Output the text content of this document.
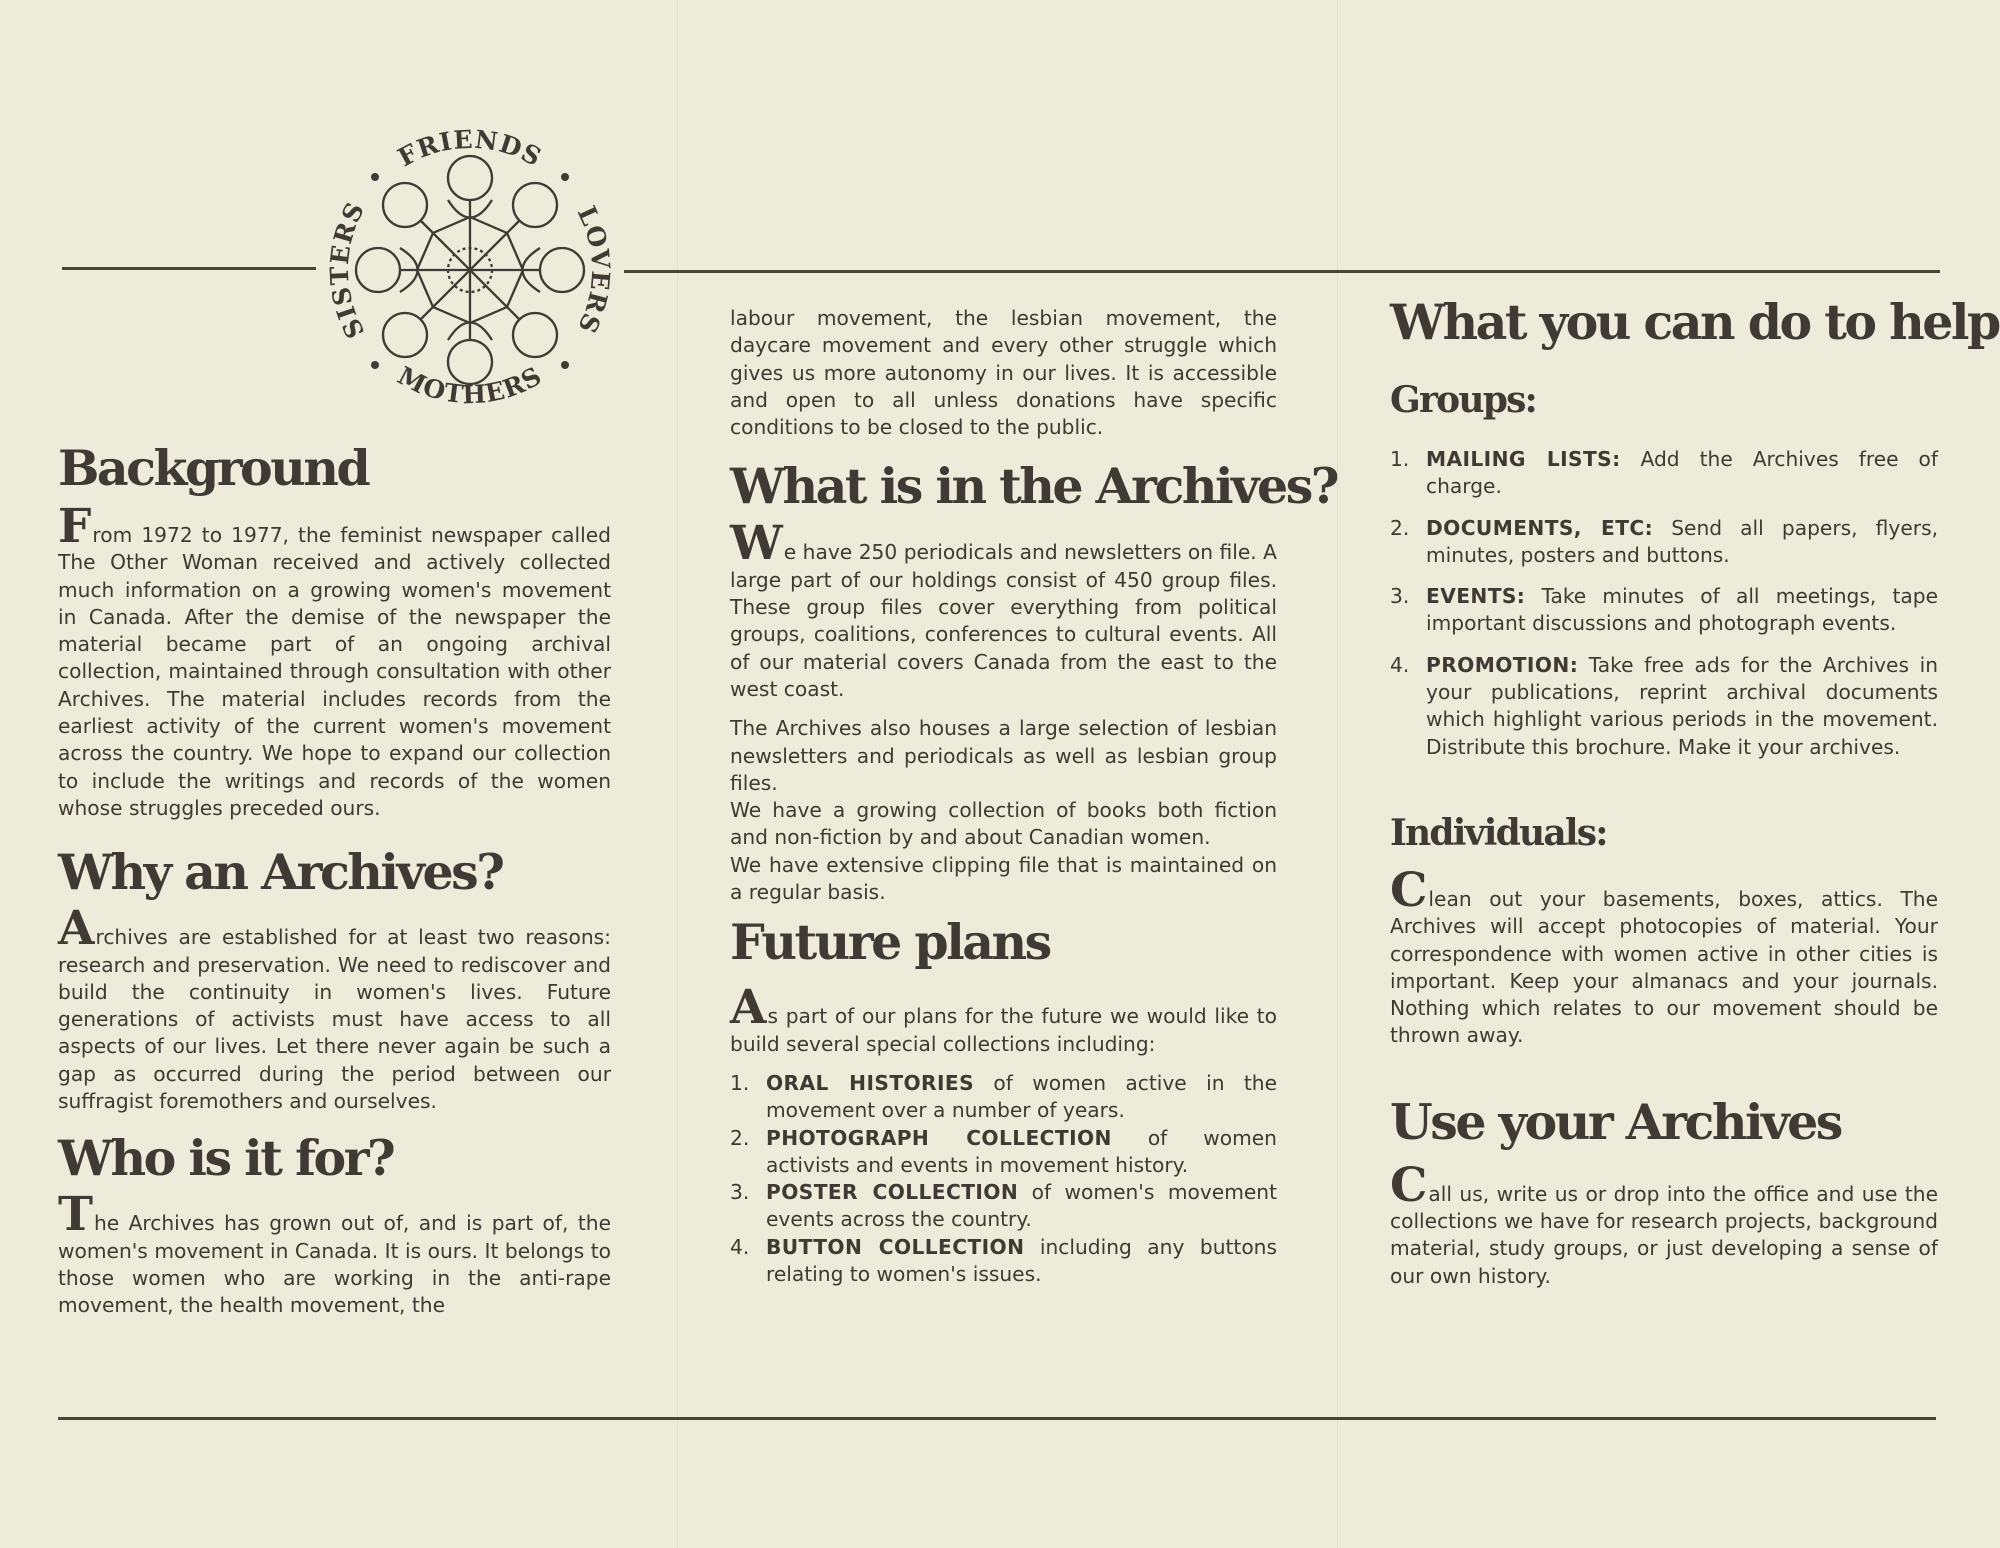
FRIENDS
LOVERS
MOTHERS
SISTERS
Background

From 1972 to 1977, the feminist newspaper called The Other Woman received and actively collected much information on a growing women's movement in Canada. After the demise of the newspaper the material became part of an ongoing archival collection, maintained through consultation with other Archives. The material includes records from the earliest activity of the current women's movement across the country. We hope to expand our collection to include the writings and records of the women whose struggles preceded ours.

Why an Archives?

Archives are established for at least two reasons: research and preservation. We need to rediscover and build the continuity in women's lives. Future generations of activists must have access to all aspects of our lives. Let there never again be such a gap as occurred during the period between our suffragist foremothers and ourselves.

Who is it for?

The Archives has grown out of, and is part of, the women's movement in Canada. It is ours. It belongs to those women who are working in the anti-rape movement, the health movement, the

labour movement, the lesbian movement, the daycare movement and every other struggle which gives us more autonomy in our lives. It is accessible and open to all unless donations have specific conditions to be closed to the public.

What is in the Archives?

We have 250 periodicals and newsletters on file. A large part of our holdings consist of 450 group files. These group files cover everything from political groups, coalitions, conferences to cultural events. All of our material covers Canada from the east to the west coast.

The Archives also houses a large selection of lesbian newsletters and periodicals as well as lesbian group files.

We have a growing collection of books both fiction and non-fiction by and about Canadian women.

We have extensive clipping file that is maintained on a regular basis.

Future plans

As part of our plans for the future we would like to build several special collections including:

1. ORAL HISTORIES of women active in the movement over a number of years.
2. PHOTOGRAPH COLLECTION of women activists and events in movement history.
3. POSTER COLLECTION of women's movement events across the country.
4. BUTTON COLLECTION including any buttons relating to women's issues.
What you can do to help
Groups:
1. MAILING LISTS: Add the Archives free of charge.
2. DOCUMENTS, ETC: Send all papers, flyers, minutes, posters and buttons.
3. EVENTS: Take minutes of all meetings, tape important discussions and photograph events.
4. PROMOTION: Take free ads for the Archives in your publications, reprint archival documents which highlight various periods in the movement. Distribute this brochure. Make it your archives.
Individuals:

Clean out your basements, boxes, attics. The Archives will accept photocopies of material. Your correspondence with women active in other cities is important. Keep your almanacs and your journals. Nothing which relates to our movement should be thrown away.

Use your Archives

Call us, write us or drop into the office and use the collections we have for research projects, background material, study groups, or just developing a sense of our own history.
